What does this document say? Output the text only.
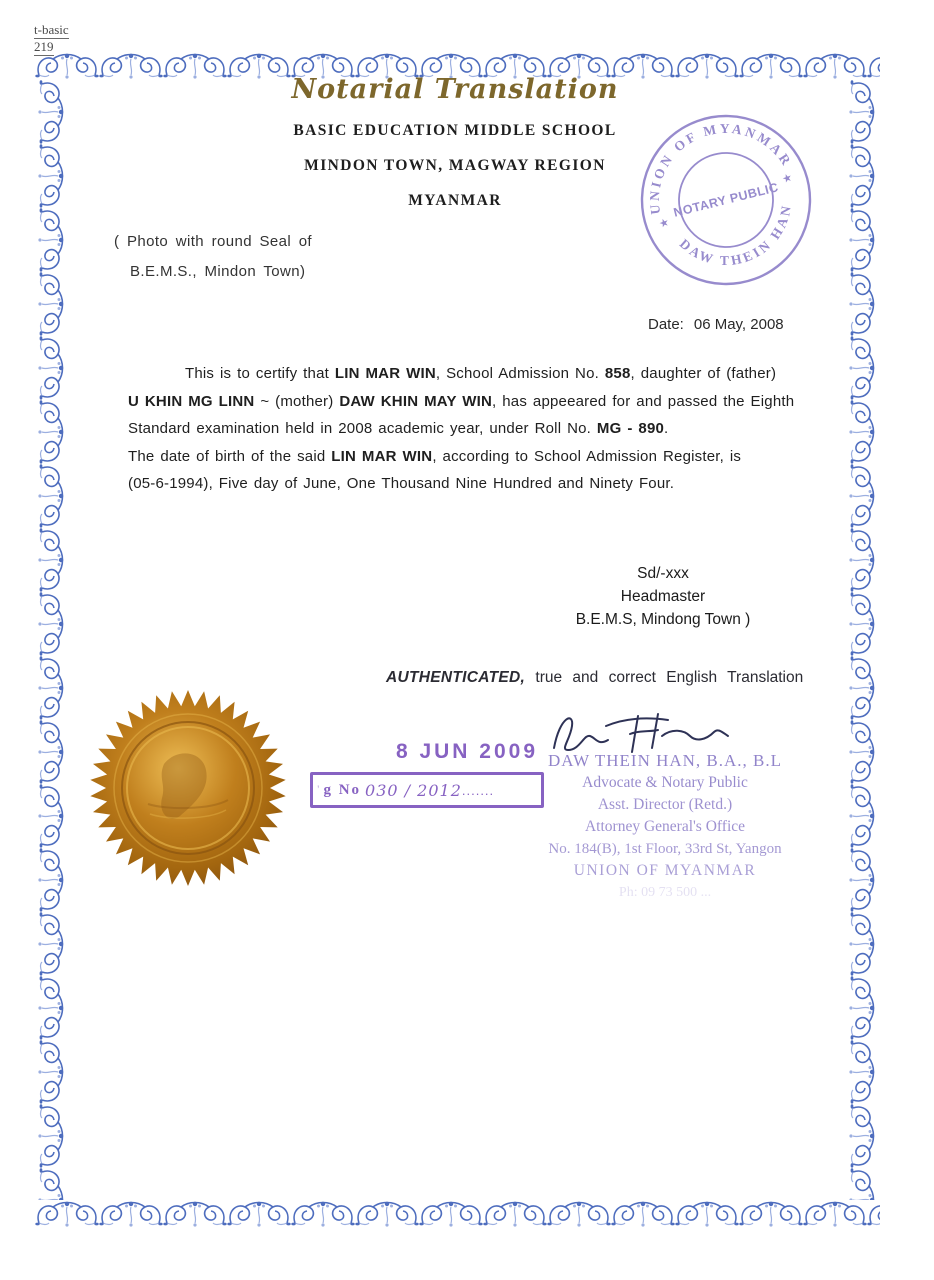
t-basic
219
Notarial Translation
BASIC EDUCATION MIDDLE SCHOOL
MINDON TOWN, MAGWAY REGION
MYANMAR	UNION OF MYANMAR
DAW THEIN HAN
★
★
NOTARY PUBLIC
( Photo with round Seal of
B.E.M.S., Mindon Town)
Date: 06 May, 2008
This is to certify that LIN MAR WIN, School Admission No. 858, daughter of (father)
U KHIN MG LINN ~ (mother) DAW KHIN MAY WIN, has appeeared for and passed the Eighth
Standard examination held in 2008 academic year, under Roll No. MG - 890.
The date of birth of the said LIN MAR WIN, according to School Admission Register, is
(05-6-1994), Five day of June, One Thousand Nine Hundred and Ninety Four.
Sd/-xxx
Headmaster
B.E.M.S, Mindong Town )
AUTHENTICATED, true and correct English Translation
8 JUN 2009
’ g No 030 / 2012 .......
DAW THEIN HAN, B.A., B.L
Advocate & Notary Public
Asst. Director (Retd.)
Attorney General's Office
No. 184(B), 1st Floor, 33rd St, Yangon
UNION OF MYANMAR
Ph: 09 73 500 ...
